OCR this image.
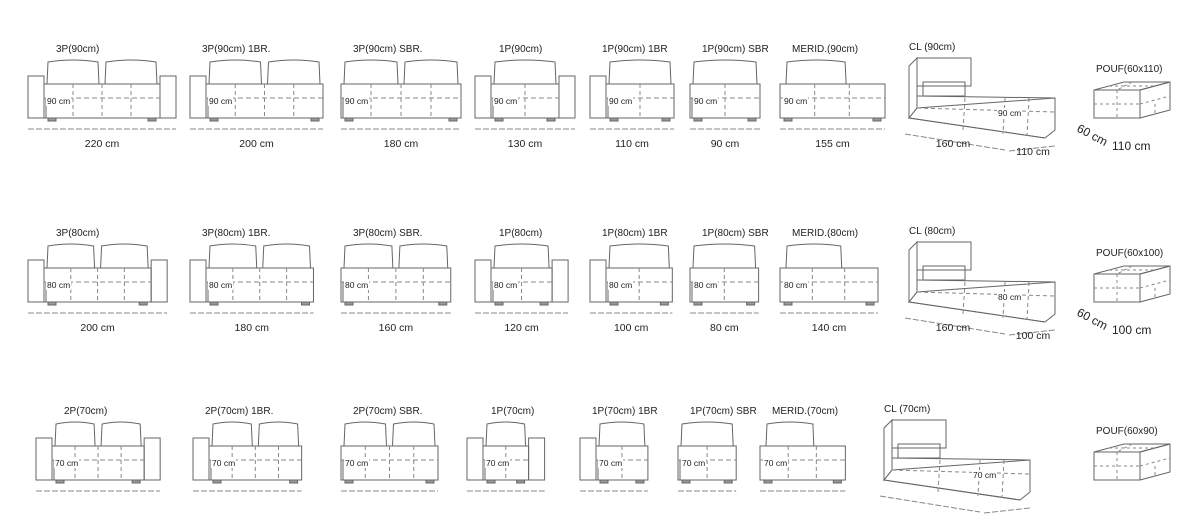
3P(90cm)
90 cm
220 cm
3P(90cm) 1BR.
90 cm
200 cm
3P(90cm) SBR.
90 cm
180 cm
1P(90cm)
90 cm
130 cm
1P(90cm) 1BR
90 cm
110 cm
1P(90cm) SBR
90 cm
90 cm
MERID.(90cm)
90 cm
155 cm
CL (90cm)
90 cm
160 cm
110 cm
POUF(60x110)
60 cm 110 cm
3P(80cm)
80 cm
200 cm
3P(80cm) 1BR.
80 cm
180 cm
3P(80cm) SBR.
80 cm
160 cm
1P(80cm)
80 cm
120 cm
1P(80cm) 1BR
80 cm
100 cm
1P(80cm) SBR
80 cm
80 cm
MERID.(80cm)
80 cm
140 cm
CL (80cm)
80 cm
160 cm
100 cm
POUF(60x100)
60 cm 100 cm
2P(70cm)
70 cm
2P(70cm) 1BR.
70 cm
2P(70cm) SBR.
70 cm
1P(70cm)
70 cm
1P(70cm) 1BR
70 cm
1P(70cm) SBR
70 cm
MERID.(70cm)
70 cm
CL (70cm)
70 cm
POUF(60x90)
